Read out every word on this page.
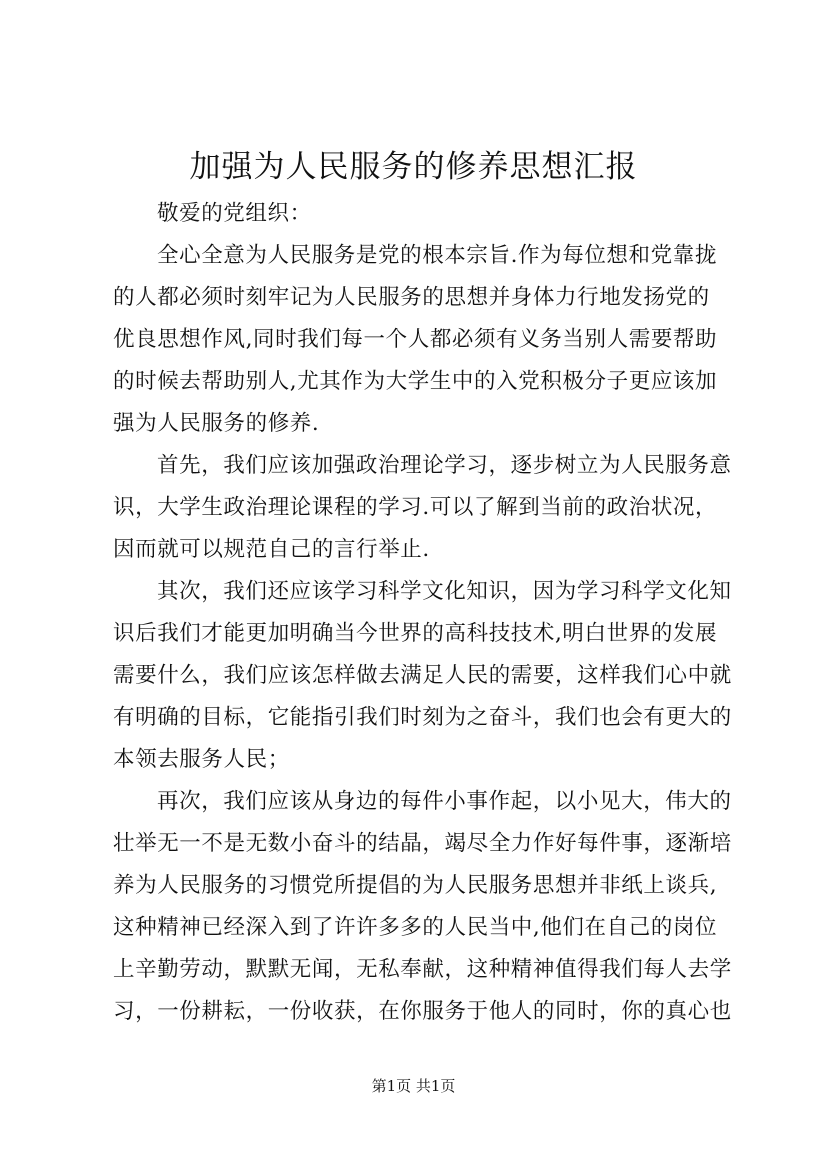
加强为人民服务的修养思想汇报
敬爱的党组织：
全心全意为人民服务是党的根本宗旨.作为每位想和党靠拢
的人都必须时刻牢记为人民服务的思想并身体力行地发扬党的
优良思想作风,同时我们每一个人都必须有义务当别人需要帮助
的时候去帮助别人,尤其作为大学生中的入党积极分子更应该加
强为人民服务的修养.
首先，我们应该加强政治理论学习，逐步树立为人民服务意
识，大学生政治理论课程的学习.可以了解到当前的政治状况，
因而就可以规范自己的言行举止.
其次，我们还应该学习科学文化知识，因为学习科学文化知
识后我们才能更加明确当今世界的高科技技术,明白世界的发展
需要什么，我们应该怎样做去满足人民的需要，这样我们心中就
有明确的目标，它能指引我们时刻为之奋斗，我们也会有更大的
本领去服务人民；
再次，我们应该从身边的每件小事作起，以小见大，伟大的
壮举无一不是无数小奋斗的结晶，竭尽全力作好每件事，逐渐培
养为人民服务的习惯党所提倡的为人民服务思想并非纸上谈兵,
这种精神已经深入到了许许多多的人民当中,他们在自己的岗位
上辛勤劳动，默默无闻，无私奉献，这种精神值得我们每人去学
习，一份耕耘，一份收获，在你服务于他人的同时，你的真心也
第1页 共1页
